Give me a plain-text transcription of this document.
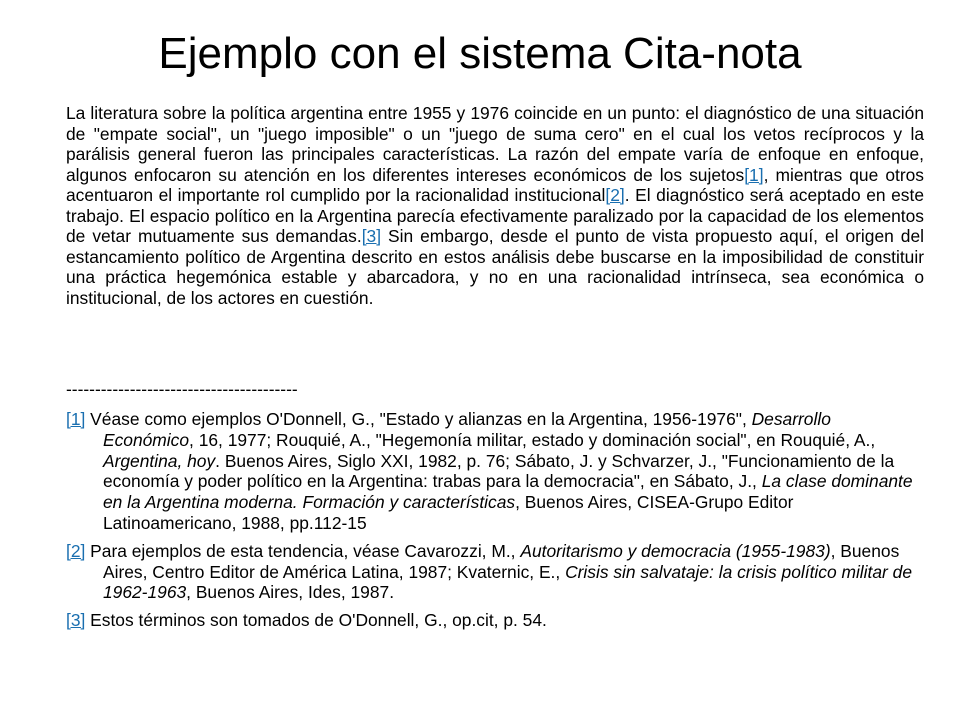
Ejemplo con el sistema Cita-nota

La literatura sobre la política argentina entre 1955 y 1976 coincide en un punto: el diagnóstico de una situación de "empate social", un "juego imposible" o un "juego de suma cero" en el cual los vetos recíprocos y la parálisis general fueron las principales características. La razón del empate varía de enfoque en enfoque, algunos enfocaron su atención en los diferentes intereses económicos de los sujetos[1], mientras que otros acentuaron el importante rol cumplido por la racionalidad institucional[2]. El diagnóstico será aceptado en este trabajo. El espacio político en la Argentina parecía efectivamente paralizado por la capacidad de los elementos de vetar mutuamente sus demandas.[3] Sin embargo, desde el punto de vista propuesto aquí, el origen del estancamiento político de Argentina descrito en estos análisis debe buscarse en la imposibilidad de constituir una práctica hegemónica estable y abarcadora, y no en una racionalidad intrínseca, sea económica o institucional, de los actores en cuestión.

----------------------------------------

[1] Véase como ejemplos O'Donnell, G., "Estado y alianzas en la Argentina, 1956-1976", Desarrollo Económico, 16, 1977; Rouquié, A., "Hegemonía militar, estado y dominación social", en Rouquié, A., Argentina, hoy. Buenos Aires, Siglo XXI, 1982, p. 76; Sábato, J. y Schvarzer, J., "Funcionamiento de la economía y poder político en la Argentina: trabas para la democracia", en Sábato, J., La clase dominante en la Argentina moderna. Formación y características, Buenos Aires, CISEA-Grupo Editor Latinoamericano, 1988, pp.112-15

[2] Para ejemplos de esta tendencia, véase Cavarozzi, M., Autoritarismo y democracia (1955-1983), Buenos Aires, Centro Editor de América Latina, 1987; Kvaternic, E., Crisis sin salvataje: la crisis político militar de 1962-1963, Buenos Aires, Ides, 1987.

[3] Estos términos son tomados de O'Donnell, G., op.cit, p. 54.
